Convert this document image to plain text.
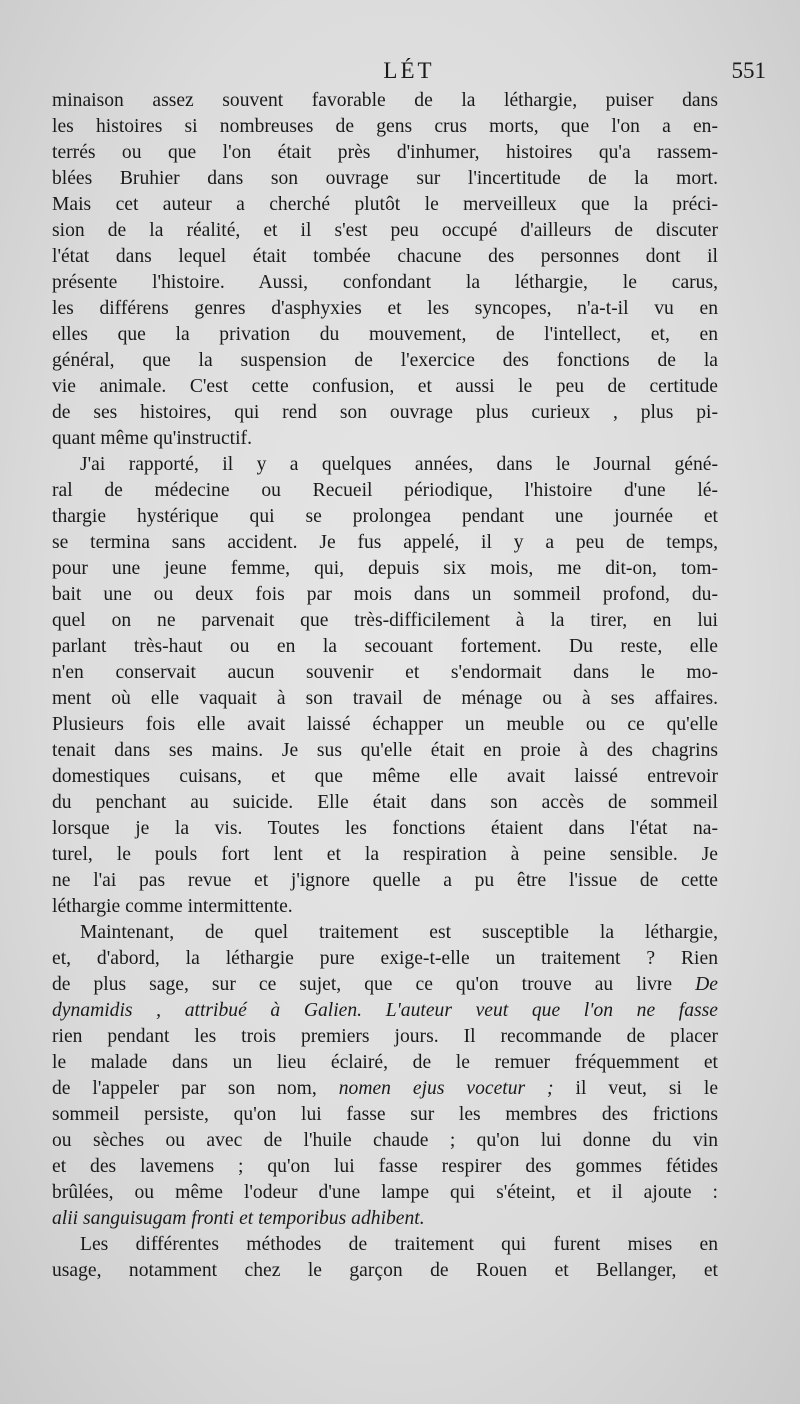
LÉT	551

minaison assez souvent favorable de la léthargie, puiser dans
les histoires si nombreuses de gens crus morts, que l'on a en-
terrés ou que l'on était près d'inhumer, histoires qu'a rassem-
blées Bruhier dans son ouvrage sur l'incertitude de la mort.
Mais cet auteur a cherché plutôt le merveilleux que la préci-
sion de la réalité, et il s'est peu occupé d'ailleurs de discuter
l'état dans lequel était tombée chacune des personnes dont il
présente l'histoire. Aussi, confondant la léthargie, le carus,
les différens genres d'asphyxies et les syncopes, n'a-t-il vu en
elles que la privation du mouvement, de l'intellect, et, en
général, que la suspension de l'exercice des fonctions de la
vie animale. C'est cette confusion, et aussi le peu de certitude
de ses histoires, qui rend son ouvrage plus curieux , plus pi-
quant même qu'instructif.

J'ai rapporté, il y a quelques années, dans le Journal géné-
ral de médecine ou Recueil périodique, l'histoire d'une lé-
thargie hystérique qui se prolongea pendant une journée et
se termina sans accident. Je fus appelé, il y a peu de temps,
pour une jeune femme, qui, depuis six mois, me dit-on, tom-
bait une ou deux fois par mois dans un sommeil profond, du-
quel on ne parvenait que très-difficilement à la tirer, en lui
parlant très-haut ou en la secouant fortement. Du reste, elle
n'en conservait aucun souvenir et s'endormait dans le mo-
ment où elle vaquait à son travail de ménage ou à ses affaires.
Plusieurs fois elle avait laissé échapper un meuble ou ce qu'elle
tenait dans ses mains. Je sus qu'elle était en proie à des chagrins
domestiques cuisans, et que même elle avait laissé entrevoir
du penchant au suicide. Elle était dans son accès de sommeil
lorsque je la vis. Toutes les fonctions étaient dans l'état na-
turel, le pouls fort lent et la respiration à peine sensible. Je
ne l'ai pas revue et j'ignore quelle a pu être l'issue de cette
léthargie comme intermittente.

Maintenant, de quel traitement est susceptible la léthargie,
et, d'abord, la léthargie pure exige-t-elle un traitement ? Rien
de plus sage, sur ce sujet, que ce qu'on trouve au livre De
dynamidis , attribué à Galien. L'auteur veut que l'on ne fasse
rien pendant les trois premiers jours. Il recommande de placer
le malade dans un lieu éclairé, de le remuer fréquemment et
de l'appeler par son nom, nomen ejus vocetur ; il veut, si le
sommeil persiste, qu'on lui fasse sur les membres des frictions
ou sèches ou avec de l'huile chaude ; qu'on lui donne du vin
et des lavemens ; qu'on lui fasse respirer des gommes fétides
brûlées, ou même l'odeur d'une lampe qui s'éteint, et il ajoute :
alii sanguisugam fronti et temporibus adhibent.

Les différentes méthodes de traitement qui furent mises en
usage, notamment chez le garçon de Rouen et Bellanger, et
